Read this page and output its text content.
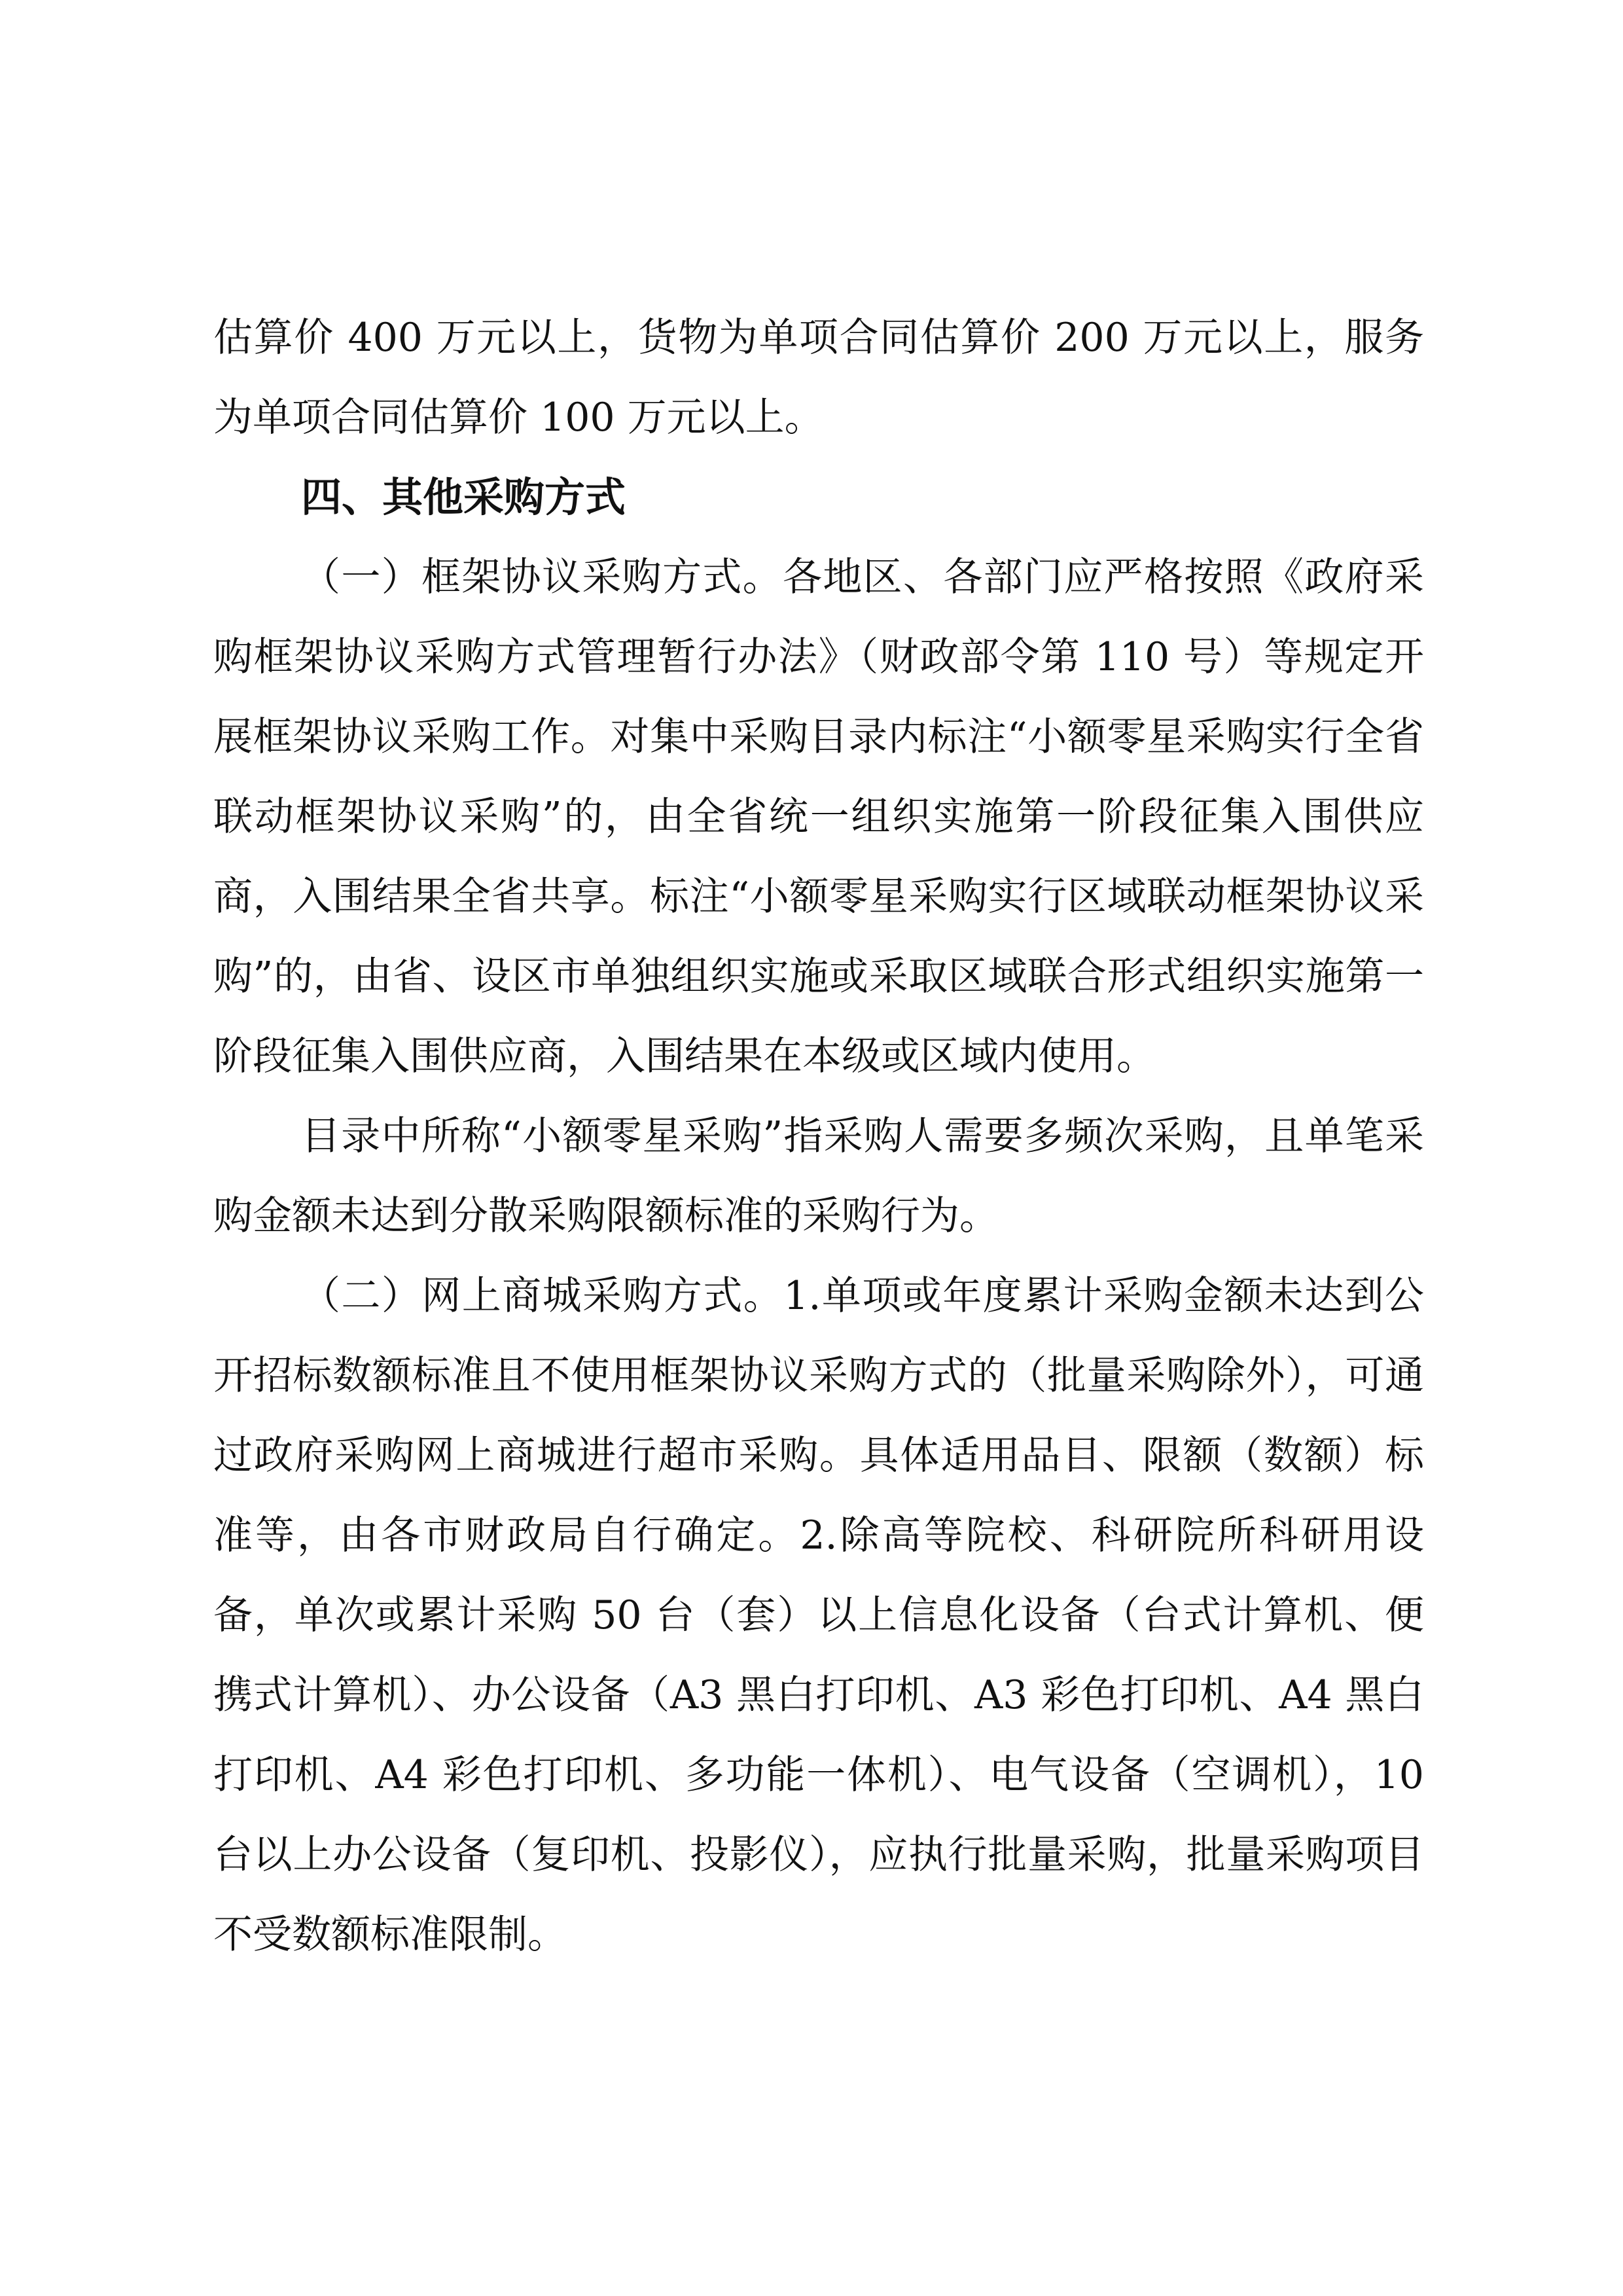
估算价 400 万元以上，货物为单项合同估算价 200 万元以上，服务为单项合同估算价 100 万元以上。

四、其他采购方式

（一）框架协议采购方式。各地区、各部门应严格按照《政府采购框架协议采购方式管理暂行办法》（财政部令第 110 号）等规定开展框架协议采购工作。对集中采购目录内标注“小额零星采购实行全省联动框架协议采购”的，由全省统一组织实施第一阶段征集入围供应商，入围结果全省共享。标注“小额零星采购实行区域联动框架协议采购”的，由省、设区市单独组织实施或采取区域联合形式组织实施第一阶段征集入围供应商，入围结果在本级或区域内使用。

目录中所称“小额零星采购”指采购人需要多频次采购，且单笔采购金额未达到分散采购限额标准的采购行为。

（二）网上商城采购方式。1.单项或年度累计采购金额未达到公开招标数额标准且不使用框架协议采购方式的（批量采购除外），可通过政府采购网上商城进行超市采购。具体适用品目、限额（数额）标准等，由各市财政局自行确定。2.除高等院校、科研院所科研用设备，单次或累计采购 50 台（套）以上信息化设备（台式计算机、便携式计算机）、办公设备（A3 黑白打印机、A3 彩色打印机、A4 黑白打印机、A4 彩色打印机、多功能一体机）、电气设备（空调机），10 台以上办公设备（复印机、投影仪），应执行批量采购，批量采购项目不受数额标准限制。
